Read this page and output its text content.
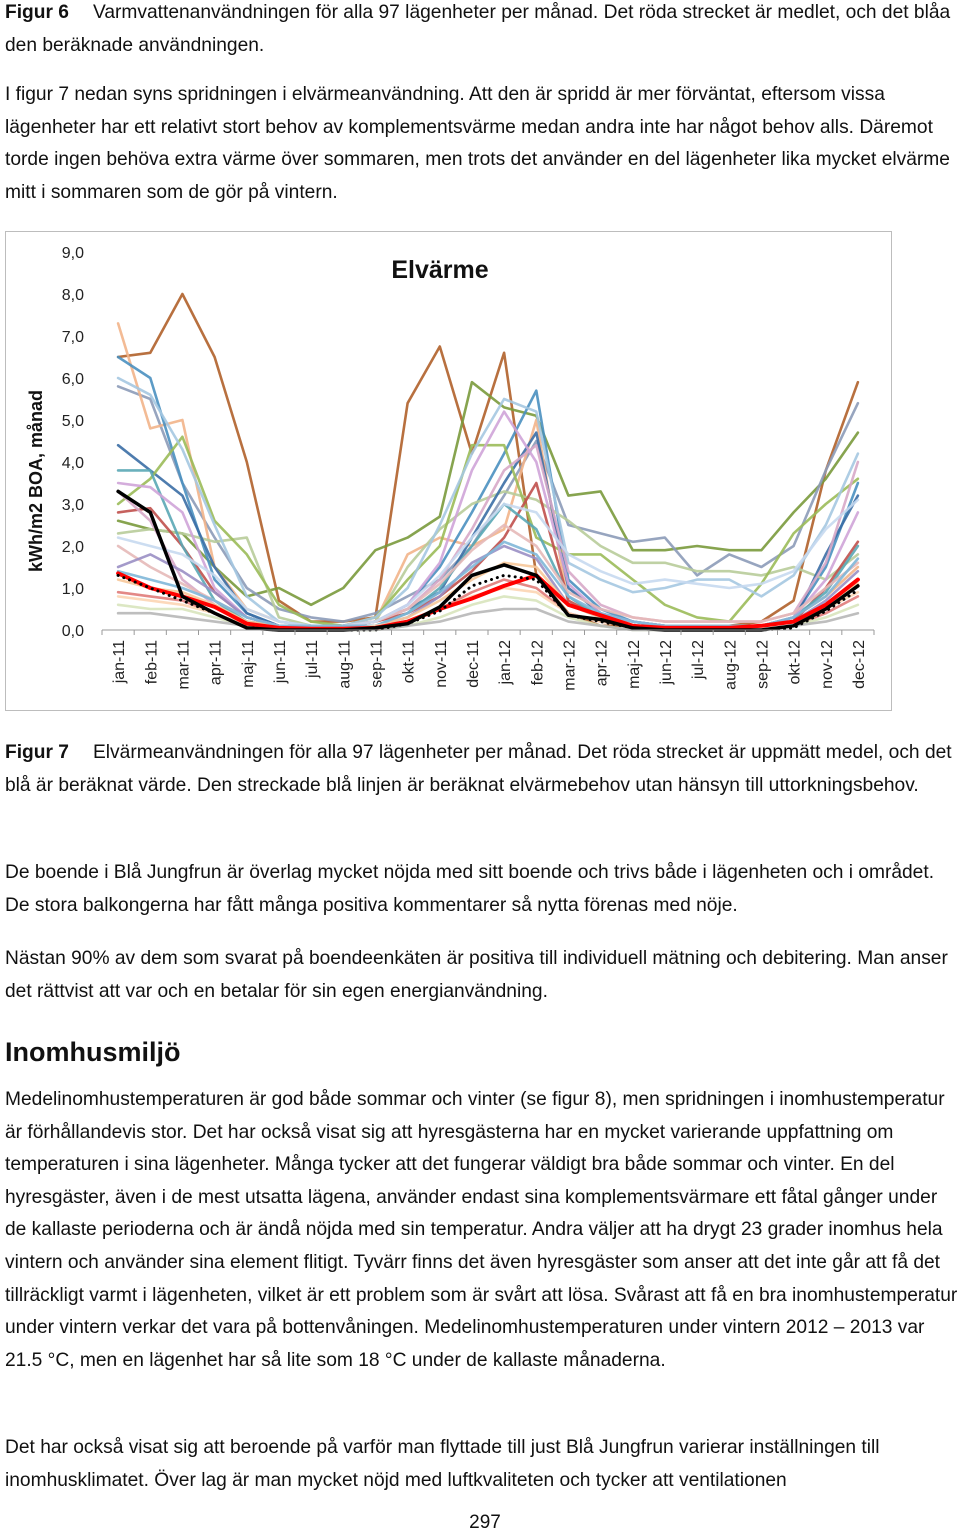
Figur 6 Varmvattenanvändningen för alla 97 lägenheter per månad. Det röda strecket är medlet, och det blåa den beräknade användningen.

I figur 7 nedan syns spridningen i elvärmeanvändning. Att den är spridd är mer förväntat, eftersom vissa lägenheter har ett relativt stort behov av komplementsvärme medan andra inte har något behov alls. Däremot torde ingen behöva extra värme över sommaren, men trots det använder en del lägenheter lika mycket elvärme mitt i sommaren som de gör på vintern.

Elvärme
kWh/m2 BOA, månad
0,0
1,0
2,0
3,0
4,0
5,0
6,0
7,0
8,0
9,0
jan-11 feb-11 mar-11 apr-11 maj-11 jun-11 jul-11 aug-11 sep-11 okt-11 nov-11 dec-11 jan-12 feb-12 mar-12 apr-12 maj-12 jun-12 jul-12 aug-12 sep-12 okt-12 nov-12 dec-12

Figur 7 Elvärmeanvändningen för alla 97 lägenheter per månad. Det röda strecket är uppmätt medel, och det blå är beräknat värde. Den streckade blå linjen är beräknat elvärmebehov utan hänsyn till uttorkningsbehov.

De boende i Blå Jungfrun är överlag mycket nöjda med sitt boende och trivs både i lägenheten och i området. De stora balkongerna har fått många positiva kommentarer så nytta förenas med nöje.

Nästan 90% av dem som svarat på boendeenkäten är positiva till individuell mätning och debitering. Man anser det rättvist att var och en betalar för sin egen energianvändning.

Inomhusmiljö

Medelinomhustemperaturen är god både sommar och vinter (se figur 8), men spridningen i inomhustemperatur är förhållandevis stor. Det har också visat sig att hyresgästerna har en mycket varierande uppfattning om temperaturen i sina lägenheter. Många tycker att det fungerar väldigt bra både sommar och vinter. En del hyresgäster, även i de mest utsatta lägena, använder endast sina komplementsvärmare ett fåtal gånger under de kallaste perioderna och är ändå nöjda med sin temperatur. Andra väljer att ha drygt 23 grader inomhus hela vintern och använder sina element flitigt. Tyvärr finns det även hyresgäster som anser att det inte går att få det tillräckligt varmt i lägenheten, vilket är ett problem som är svårt att lösa. Svårast att få en bra inomhustemperatur under vintern verkar det vara på bottenvåningen. Medelinomhustemperaturen under vintern 2012 – 2013 var 21.5 °C, men en lägenhet har så lite som 18 °C under de kallaste månaderna.

Det har också visat sig att beroende på varför man flyttade till just Blå Jungfrun varierar inställningen till inomhusklimatet. Över lag är man mycket nöjd med luftkvaliteten och tycker att ventilationen

297
